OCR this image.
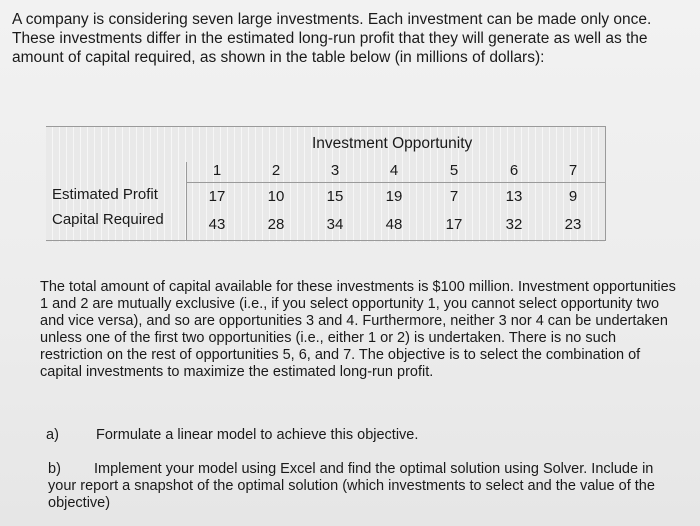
A company is considering seven large investments. Each investment can be made only once. These investments differ in the estimated long-run profit that they will generate as well as the amount of capital required, as shown in the table below (in millions of dollars):
Investment Opportunity
1	2	3	4	5	6	7
Estimated Profit	17	10	15	19	7	13	9
Capital Required	43	28	34	48	17	32	23
The total amount of capital available for these investments is $100 million. Investment opportunities 1 and 2 are mutually exclusive (i.e., if you select opportunity 1, you cannot select opportunity two and vice versa), and so are opportunities 3 and 4. Furthermore, neither 3 nor 4 can be undertaken unless one of the first two opportunities (i.e., either 1 or 2) is undertaken. There is no such restriction on the rest of opportunities 5, 6, and 7. The objective is to select the combination of capital investments to maximize the estimated long-run profit.
a)	Formulate a linear model to achieve this objective.
b) Implement your model using Excel and find the optimal solution using Solver. Include in your report a snapshot of the optimal solution (which investments to select and the value of the objective)
